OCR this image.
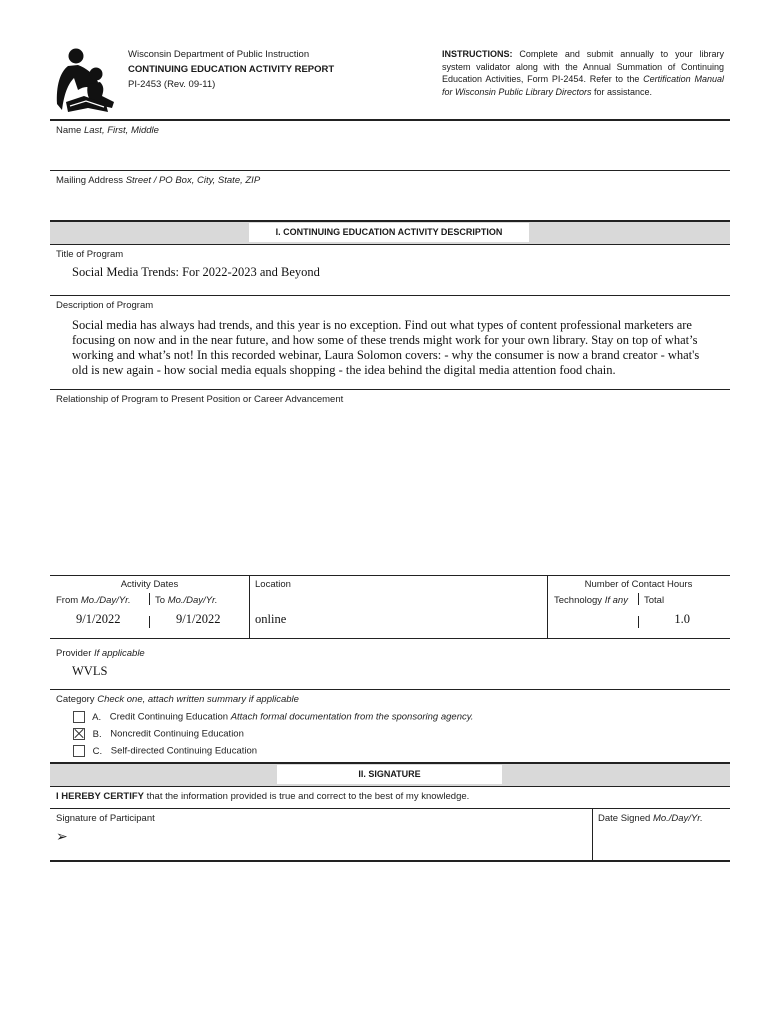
Wisconsin Department of Public Instruction
CONTINUING EDUCATION ACTIVITY REPORT
PI-2453 (Rev. 09-11)
INSTRUCTIONS: Complete and submit annually to your library system validator along with the Annual Summation of Continuing Education Activities, Form PI-2454. Refer to the Certification Manual for Wisconsin Public Library Directors for assistance.
Name Last, First, Middle
Mailing Address Street / PO Box, City, State, ZIP
I. CONTINUING EDUCATION ACTIVITY DESCRIPTION
Title of Program
Social Media Trends: For 2022-2023 and Beyond
Description of Program
Social media has always had trends, and this year is no exception. Find out what types of content professional marketers are focusing on now and in the near future, and how some of these trends might work for your own library. Stay on top of what’s working and what’s not! In this recorded webinar, Laura Solomon covers: - why the consumer is now a brand creator - what's old is new again - how social media equals shopping - the idea behind the digital media attention food chain.
Relationship of Program to Present Position or Career Advancement
Activity Dates
From Mo./Day/Yr.	To Mo./Day/Yr.
9/1/2022	9/1/2022
Location
online
Number of Contact Hours
Technology If any Total
1.0
Provider If applicable
WVLS
Category Check one, attach written summary if applicable
A. Credit Continuing Education Attach formal documentation from the sponsoring agency.
B. Noncredit Continuing Education
C. Self-directed Continuing Education
II. SIGNATURE
I HEREBY CERTIFY that the information provided is true and correct to the best of my knowledge.
Signature of Participant
➢
Date Signed Mo./Day/Yr.
